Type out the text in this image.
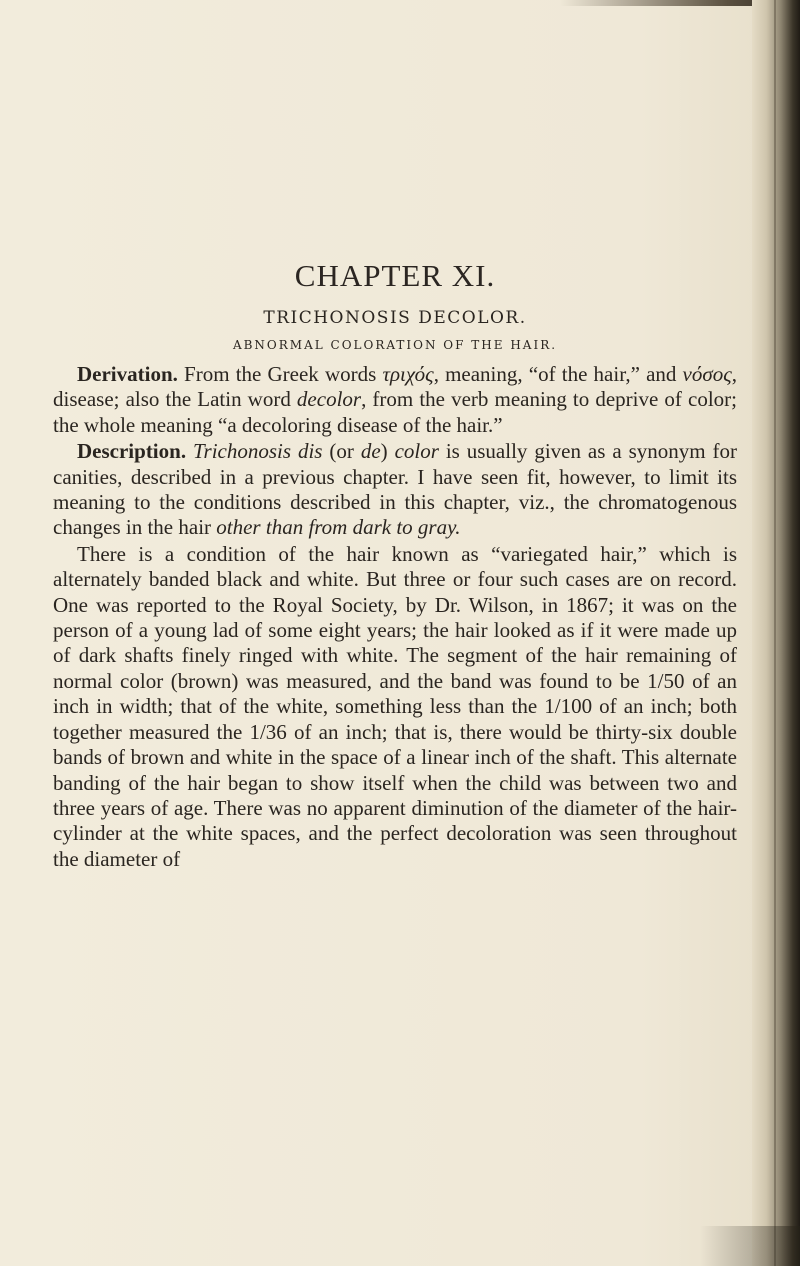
CHAPTER XI.
TRICHONOSIS DECOLOR.
ABNORMAL COLORATION OF THE HAIR.

Derivation. From the Greek words τριχός, meaning, “of the hair,” and νόσος, disease; also the Latin word decolor, from the verb meaning to deprive of color; the whole meaning “a decoloring disease of the hair.”

Description. Trichonosis dis (or de) color is usually given as a synonym for canities, described in a previous chapter. I have seen fit, however, to limit its meaning to the conditions described in this chapter, viz., the chromatogenous changes in the hair other than from dark to gray.

There is a condition of the hair known as “variegated hair,” which is alternately banded black and white. But three or four such cases are on record. One was reported to the Royal Society, by Dr. Wilson, in 1867; it was on the person of a young lad of some eight years; the hair looked as if it were made up of dark shafts finely ringed with white. The segment of the hair remaining of normal color (brown) was measured, and the band was found to be 1/50 of an inch in width; that of the white, something less than the 1/100 of an inch; both together measured the 1/36 of an inch; that is, there would be thirty-six double bands of brown and white in the space of a linear inch of the shaft. This alternate banding of the hair began to show itself when the child was between two and three years of age. There was no apparent diminution of the diameter of the hair-cylinder at the white spaces, and the perfect decoloration was seen throughout the diameter of
